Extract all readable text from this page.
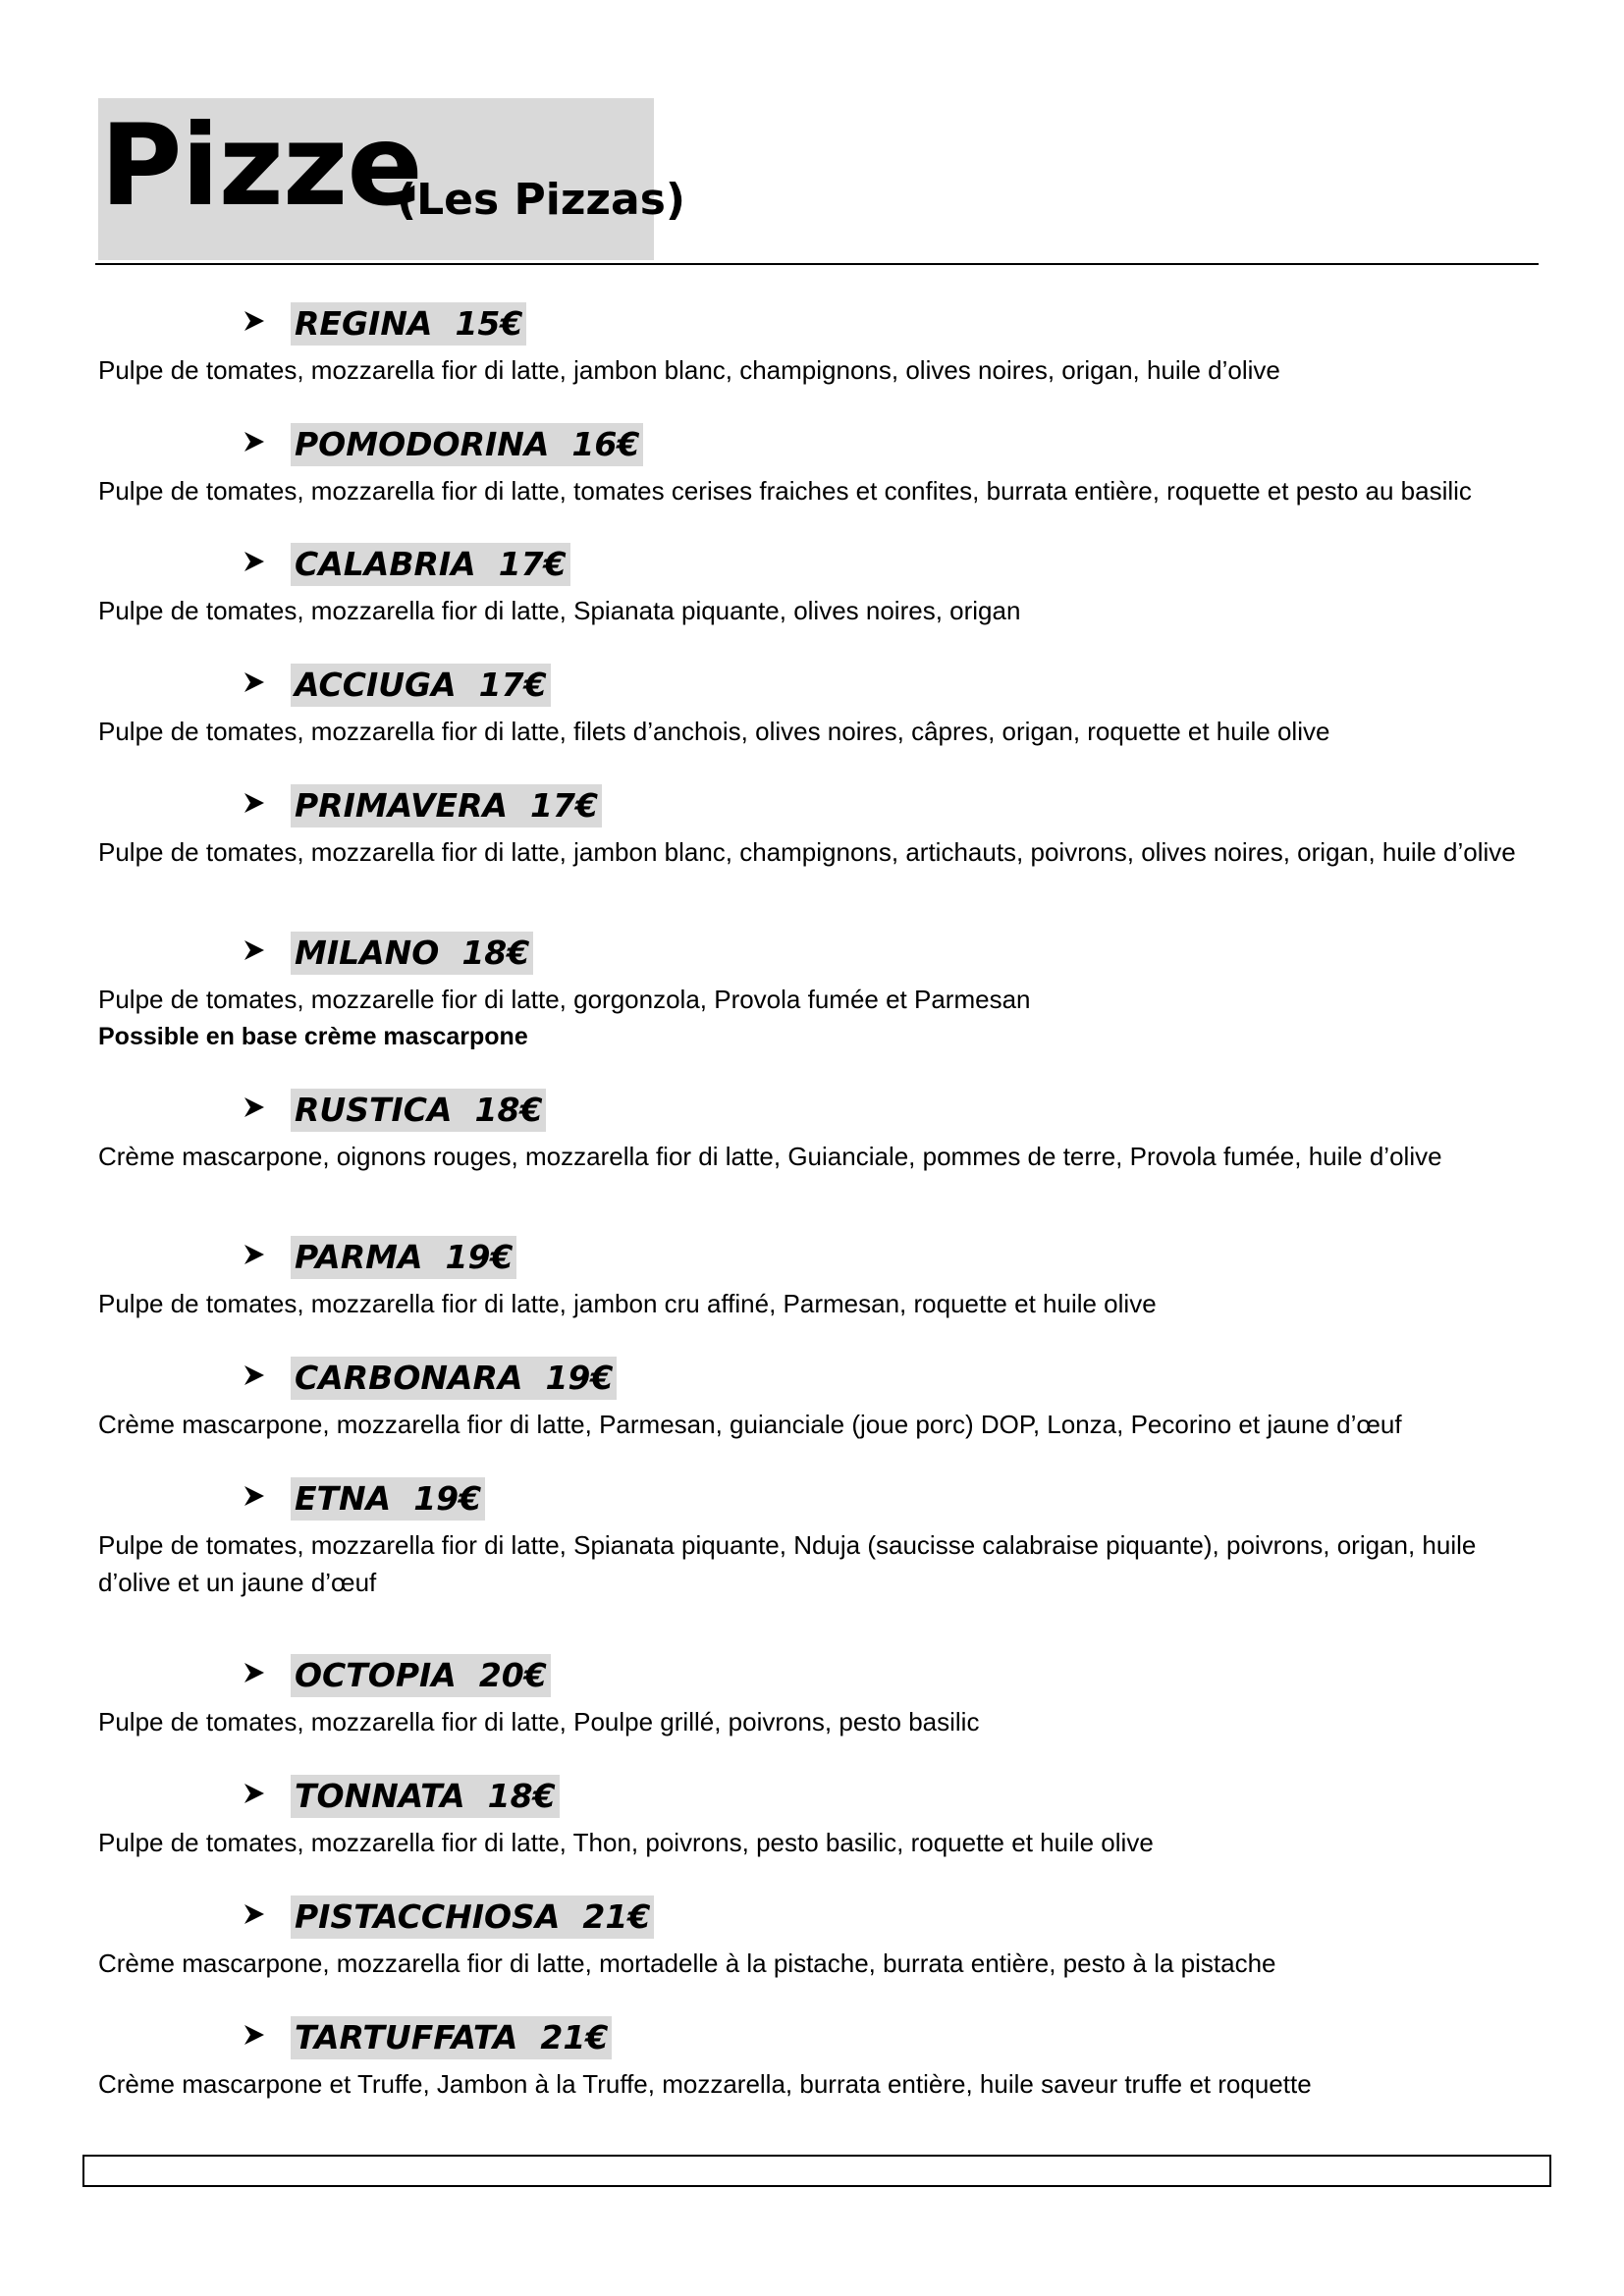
Pizze
(Les Pizzas)
REGINA 15€
Pulpe de tomates, mozzarella fior di latte, jambon blanc, champignons, olives noires, origan, huile d’olive
POMODORINA 16€
Pulpe de tomates, mozzarella fior di latte, tomates cerises fraiches et confites, burrata entière, roquette et pesto au basilic
CALABRIA 17€
Pulpe de tomates, mozzarella fior di latte, Spianata piquante, olives noires, origan
ACCIUGA 17€
Pulpe de tomates, mozzarella fior di latte, filets d’anchois, olives noires, câpres, origan, roquette et huile olive
PRIMAVERA 17€
Pulpe de tomates, mozzarella fior di latte, jambon blanc, champignons, artichauts, poivrons, olives noires, origan, huile d’olive
MILANO 18€
Pulpe de tomates, mozzarelle fior di latte, gorgonzola, Provola fumée et Parmesan
Possible en base crème mascarpone
RUSTICA 18€
Crème mascarpone, oignons rouges, mozzarella fior di latte, Guianciale, pommes de terre, Provola fumée, huile d’olive
PARMA 19€
Pulpe de tomates, mozzarella fior di latte, jambon cru affiné, Parmesan, roquette et huile olive
CARBONARA 19€
Crème mascarpone, mozzarella fior di latte, Parmesan, guianciale (joue porc) DOP, Lonza, Pecorino et jaune d’œuf
ETNA 19€
Pulpe de tomates, mozzarella fior di latte, Spianata piquante, Nduja (saucisse calabraise piquante), poivrons, origan, huile d’olive et un jaune d’œuf
OCTOPIA 20€
Pulpe de tomates, mozzarella fior di latte, Poulpe grillé, poivrons, pesto basilic
TONNATA 18€
Pulpe de tomates, mozzarella fior di latte, Thon, poivrons, pesto basilic, roquette et huile olive
PISTACCHIOSA 21€
Crème mascarpone, mozzarella fior di latte, mortadelle à la pistache, burrata entière, pesto à la pistache
TARTUFFATA 21€
Crème mascarpone et Truffe, Jambon à la Truffe, mozzarella, burrata entière, huile saveur truffe et roquette
